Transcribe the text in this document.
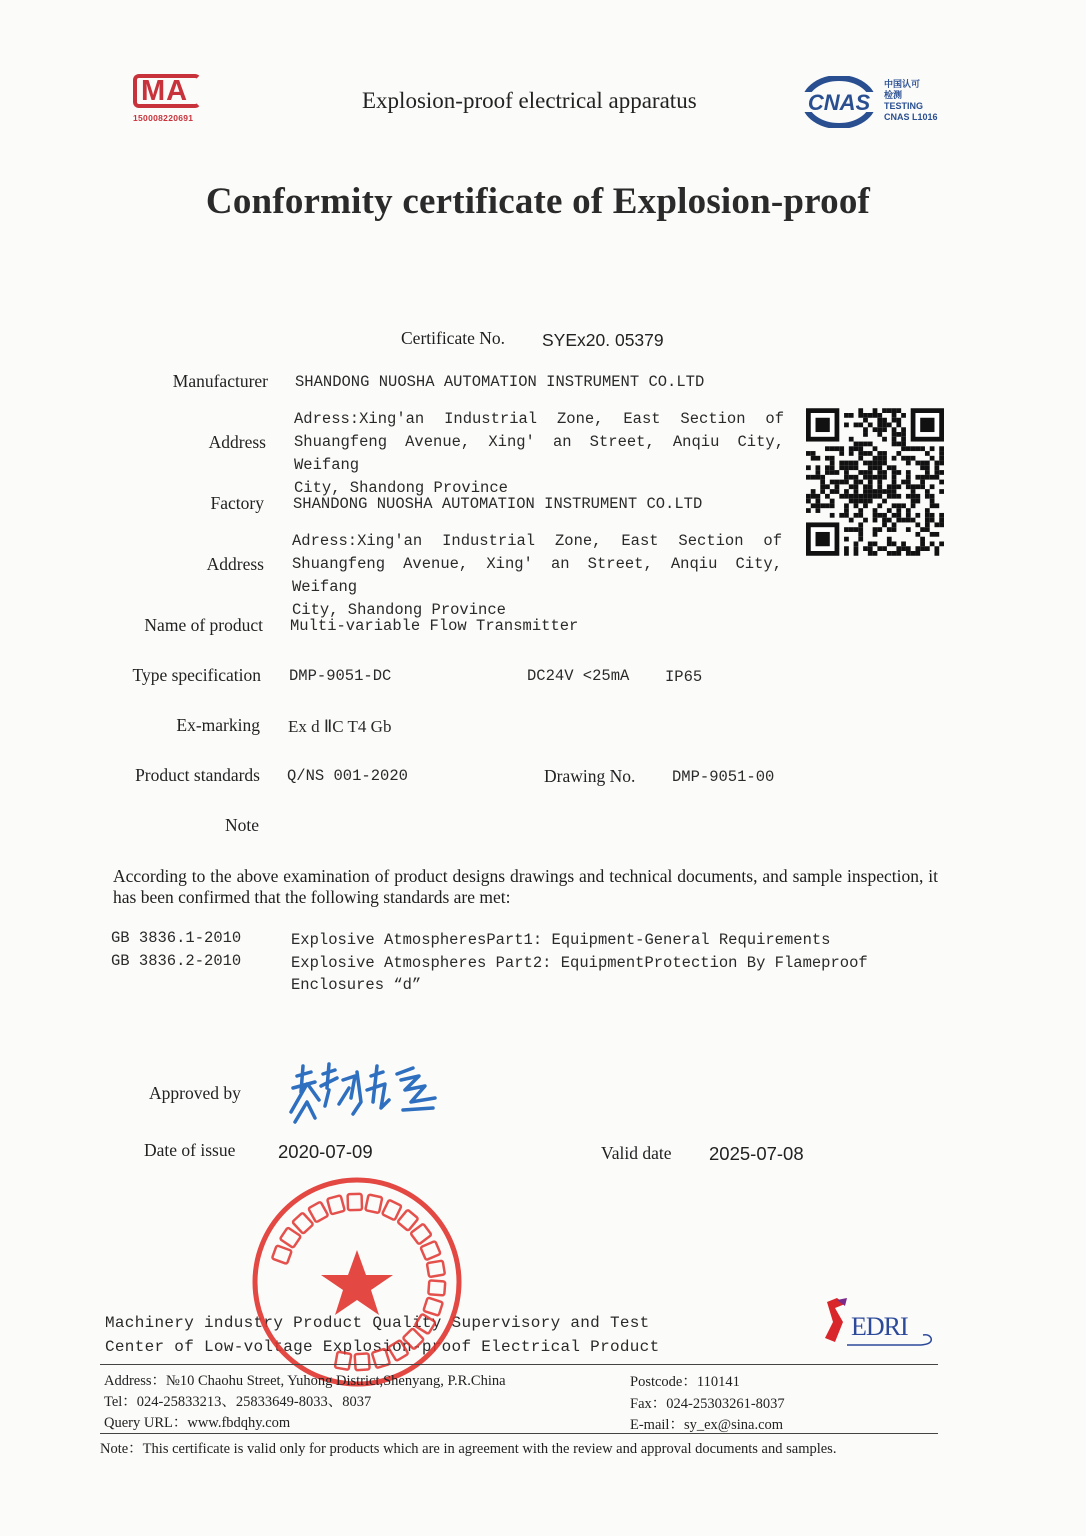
MA
150008220691
Explosion-proof electrical apparatus	CNAS
中国认可
检测
TESTING
CNAS L1016
Conformity certificate of Explosion-proof
Certificate No. SYEx20. 05379
Manufacturer SHANDONG NUOSHA AUTOMATION INSTRUMENT CO.LTD
Address
Adress:Xing'an Industrial Zone, East Section of
Shuangfeng Avenue, Xing' an Street, Anqiu City, Weifang
City, Shandong Province
Factory SHANDONG NUOSHA AUTOMATION INSTRUMENT CO.LTD
Address
Adress:Xing'an Industrial Zone, East Section of
Shuangfeng Avenue, Xing' an Street, Anqiu City, Weifang
City, Shandong Province
Name of product Multi-variable Flow Transmitter
Type specification DMP-9051-DC	DC24V <25mA IP65
Ex-marking Ex d ⅡC T4 Gb
Product standards Q/NS 001-2020	Drawing No. DMP-9051-00
Note
According to the above examination of product designs drawings and technical documents, and sample inspection, it has been confirmed that the following standards are met:
GB 3836.1-2010	Explosive AtmospheresPart1: Equipment-General Requirements
GB 3836.2-2010	Explosive Atmospheres Part2: EquipmentProtection By Flameproof Enclosures “d”
Approved by
Date of issue 2020-07-09	Valid date 2025-07-08
Machinery industry Product Quality Supervisory and Test
Center of Low-voltage Explosion-proof Electrical Product
EDRI
Address：№10 Chaohu Street, Yuhong District,Shenyang, P.R.China
Tel：024-25833213、25833649-8033、8037
Query URL：www.fbdqhy.com
Postcode：110141
Fax：024-25303261-8037
E-mail：sy_ex@sina.com
Note：This certificate is valid only for products which are in agreement with the review and approval documents and samples.
